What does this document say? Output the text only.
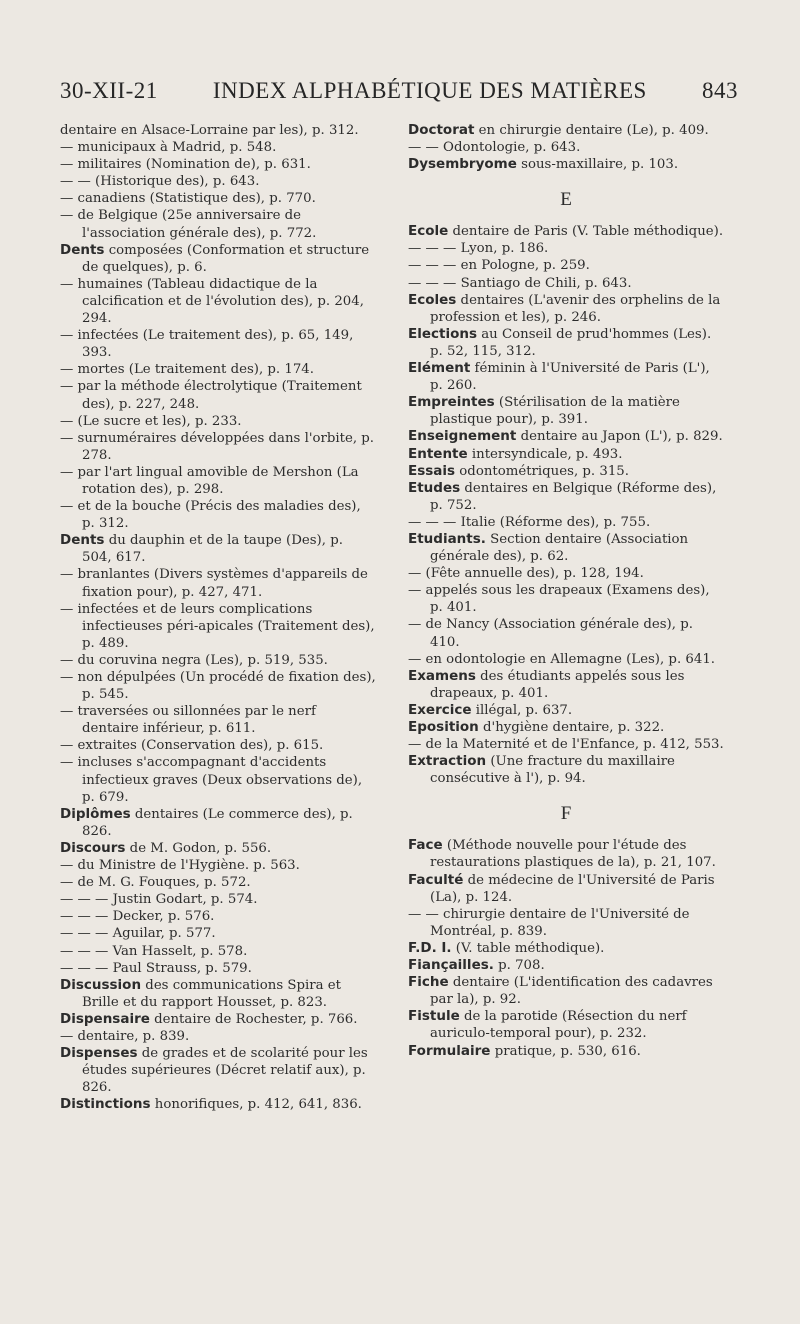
30-XII-21 INDEX ALPHABÉTIQUE DES MATIÈRES 843

dentaire en Alsace-Lorraine par les), p. 312.

— municipaux à Madrid, p. 548.

— militaires (Nomination de), p. 631.

— — (Historique des), p. 643.

— canadiens (Statistique des), p. 770.

— de Belgique (25e anniversaire de l'association générale des), p. 772.

Dents composées (Conformation et structure de quelques), p. 6.

— humaines (Tableau didactique de la calcification et de l'évolution des), p. 204, 294.

— infectées (Le traitement des), p. 65, 149, 393.

— mortes (Le traitement des), p. 174.

— par la méthode électrolytique (Traitement des), p. 227, 248.

— (Le sucre et les), p. 233.

— surnuméraires développées dans l'orbite, p. 278.

— par l'art lingual amovible de Mershon (La rotation des), p. 298.

— et de la bouche (Précis des maladies des), p. 312.

Dents du dauphin et de la taupe (Des), p. 504, 617.

— branlantes (Divers systèmes d'appareils de fixation pour), p. 427, 471.

— infectées et de leurs complications infectieuses péri-apicales (Traitement des), p. 489.

— du coruvina negra (Les), p. 519, 535.

— non dépulpées (Un procédé de fixation des), p. 545.

— traversées ou sillonnées par le nerf dentaire inférieur, p. 611.

— extraites (Conservation des), p. 615.

— incluses s'accompagnant d'accidents infectieux graves (Deux observations de), p. 679.

Diplômes dentaires (Le commerce des), p. 826.

Discours de M. Godon, p. 556.

— du Ministre de l'Hygiène. p. 563.

— de M. G. Fouques, p. 572.

— — — Justin Godart, p. 574.

— — — Decker, p. 576.

— — — Aguilar, p. 577.

— — — Van Hasselt, p. 578.

— — — Paul Strauss, p. 579.

Discussion des communications Spira et Brille et du rapport Housset, p. 823.

Dispensaire dentaire de Rochester, p. 766.

— dentaire, p. 839.

Dispenses de grades et de scolarité pour les études supérieures (Décret relatif aux), p. 826.

Distinctions honorifiques, p. 412, 641, 836.

Doctorat en chirurgie dentaire (Le), p. 409.

— — Odontologie, p. 643.

Dysembryome sous-maxillaire, p. 103.

E

Ecole dentaire de Paris (V. Table méthodique).

— — — Lyon, p. 186.

— — — en Pologne, p. 259.

— — — Santiago de Chili, p. 643.

Ecoles dentaires (L'avenir des orphelins de la profession et les), p. 246.

Elections au Conseil de prud'hommes (Les). p. 52, 115, 312.

Elément féminin à l'Université de Paris (L'), p. 260.

Empreintes (Stérilisation de la matière plastique pour), p. 391.

Enseignement dentaire au Japon (L'), p. 829.

Entente intersyndicale, p. 493.

Essais odontométriques, p. 315.

Etudes dentaires en Belgique (Réforme des), p. 752.

— — — Italie (Réforme des), p. 755.

Etudiants. Section dentaire (Association générale des), p. 62.

— (Fête annuelle des), p. 128, 194.

— appelés sous les drapeaux (Examens des), p. 401.

— de Nancy (Association générale des), p. 410.

— en odontologie en Allemagne (Les), p. 641.

Examens des étudiants appelés sous les drapeaux, p. 401.

Exercice illégal, p. 637.

Eposition d'hygiène dentaire, p. 322.

— de la Maternité et de l'Enfance, p. 412, 553.

Extraction (Une fracture du maxillaire consécutive à l'), p. 94.

F

Face (Méthode nouvelle pour l'étude des restaurations plastiques de la), p. 21, 107.

Faculté de médecine de l'Université de Paris (La), p. 124.

— — chirurgie dentaire de l'Université de Montréal, p. 839.

F.D. I. (V. table méthodique).

Fiançailles. p. 708.

Fiche dentaire (L'identification des cadavres par la), p. 92.

Fistule de la parotide (Résection du nerf auriculo-temporal pour), p. 232.

Formulaire pratique, p. 530, 616.
